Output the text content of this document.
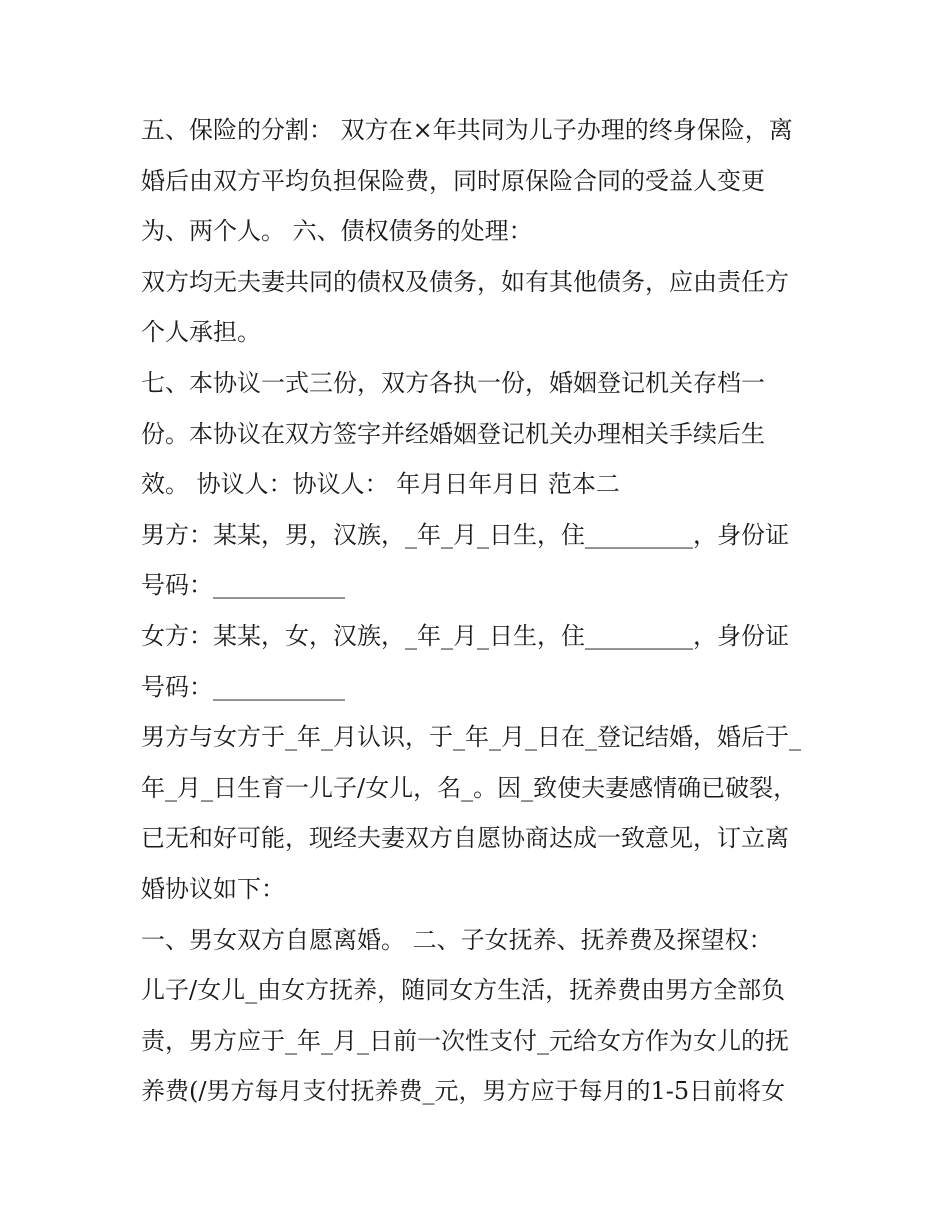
五、保险的分割： 双方在×年共同为儿子办理的终身保险，离
婚后由双方平均负担保险费，同时原保险合同的受益人变更
为、两个人。 六、债权债务的处理：
双方均无夫妻共同的债权及债务，如有其他债务，应由责任方
个人承担。
七、本协议一式三份，双方各执一份，婚姻登记机关存档一
份。本协议在双方签字并经婚姻登记机关办理相关手续后生
效。 协议人：协议人： 年月日年月日 范本二
男方：某某，男，汉族，_年_月_日生，住_________，身份证
号码：___________
女方：某某，女，汉族，_年_月_日生，住_________，身份证
号码：___________
男方与女方于_年_月认识，于_年_月_日在_登记结婚，婚后于_
年_月_日生育一儿子/女儿，名_。因_致使夫妻感情确已破裂，
已无和好可能，现经夫妻双方自愿协商达成一致意见，订立离
婚协议如下：
一、男女双方自愿离婚。 二、子女抚养、抚养费及探望权：
儿子/女儿_由女方抚养，随同女方生活，抚养费由男方全部负
责，男方应于_年_月_日前一次性支付_元给女方作为女儿的抚
养费(/男方每月支付抚养费_元，男方应于每月的1-5日前将女
